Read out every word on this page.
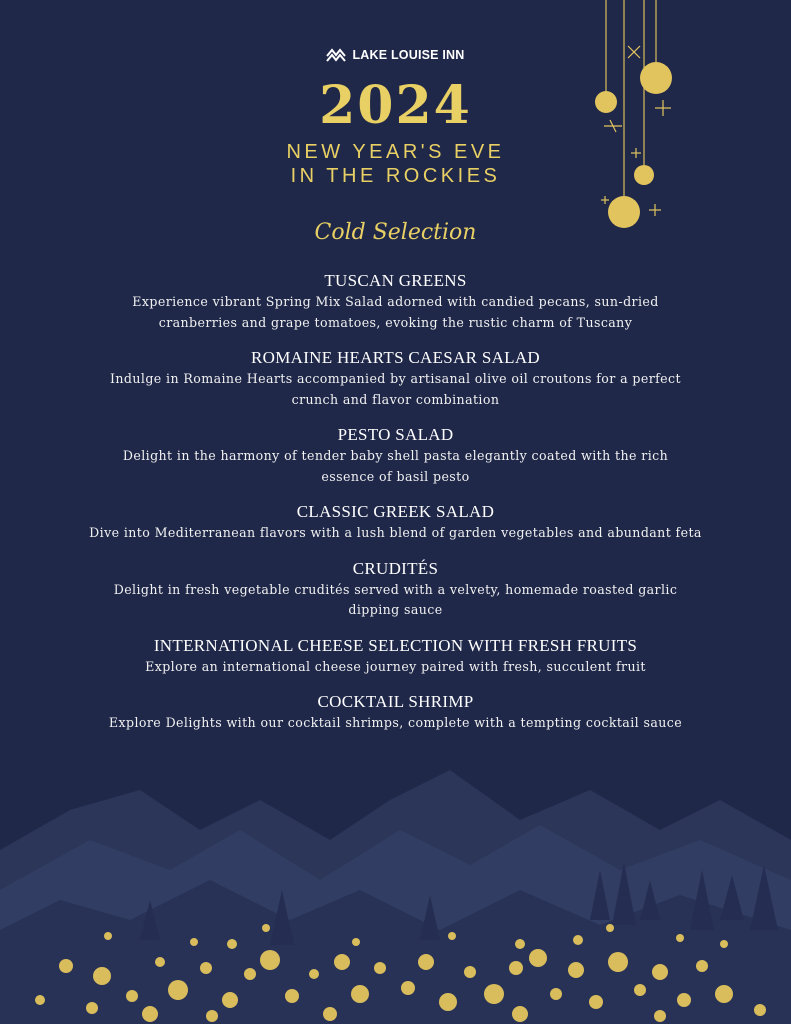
LAKE LOUISE INN
2024
NEW YEAR'S EVE
IN THE ROCKIES
Cold Selection
TUSCAN GREENS
Experience vibrant Spring Mix Salad adorned with candied pecans, sun-dried
cranberries and grape tomatoes, evoking the rustic charm of Tuscany
ROMAINE HEARTS CAESAR SALAD
Indulge in Romaine Hearts accompanied by artisanal olive oil croutons for a perfect
crunch and flavor combination
PESTO SALAD
Delight in the harmony of tender baby shell pasta elegantly coated with the rich
essence of basil pesto
CLASSIC GREEK SALAD
Dive into Mediterranean flavors with a lush blend of garden vegetables and abundant feta
CRUDITÉS
Delight in fresh vegetable crudités served with a velvety, homemade roasted garlic
dipping sauce
INTERNATIONAL CHEESE SELECTION WITH FRESH FRUITS
Explore an international cheese journey paired with fresh, succulent fruit
COCKTAIL SHRIMP
Explore Delights with our cocktail shrimps, complete with a tempting cocktail sauce
